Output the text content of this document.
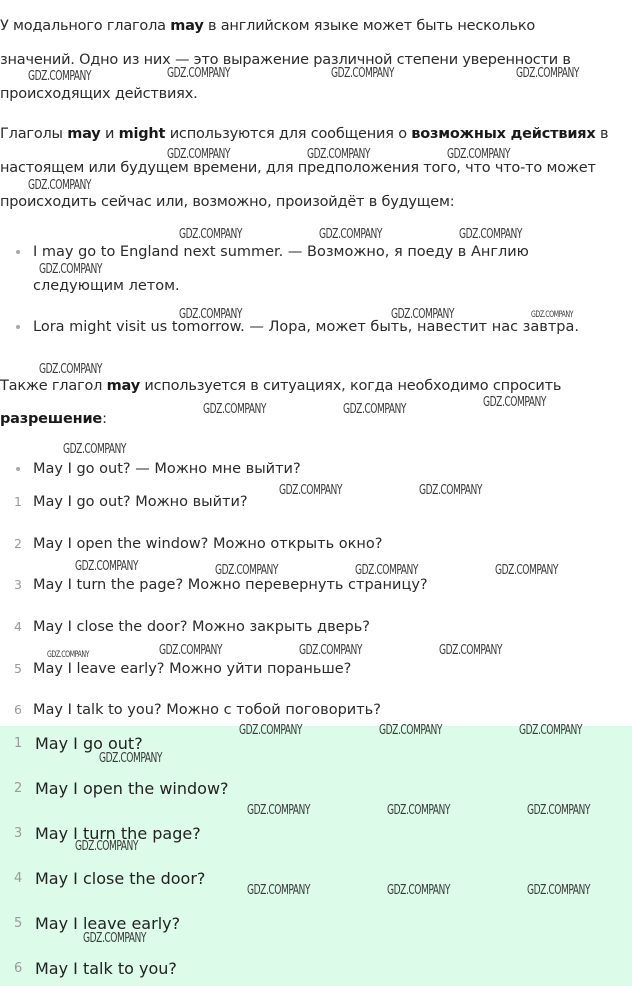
У модального глагола may в английском языке может быть несколько
значений. Одно из них — это выражение различной степени уверенности в
происходящих действиях.
Глаголы may и might используются для сообщения о возможных действиях в
настоящем или будущем времени, для предположения того, что что-то может
происходить сейчас или, возможно, произойдёт в будущем:
I may go to England next summer. — Возможно, я поеду в Англию
следующим летом.
Lora might visit us tomorrow. — Лора, может быть, навестит нас завтра.
Также глагол may используется в ситуациях, когда необходимо спросить
разрешение:
May I go out? — Можно мне выйти?
1 May I go out? Можно выйти?
2 May I open the window? Можно открыть окно?
3 May I turn the page? Можно перевернуть страницу?
4 May I close the door? Можно закрыть дверь?
5 May I leave early? Можно уйти пораньше?
6 May I talk to you? Можно с тобой поговорить?
1 May I go out?
2 May I open the window?
3 May I turn the page?
4 May I close the door?
5 May I leave early?
6 May I talk to you?
GDZ.COMPANY	GDZ.COMPANY	GDZ.COMPANY	GDZ.COMPANY
GDZ.COMPANY	GDZ.COMPANY	GDZ.COMPANY
GDZ.COMPANY
GDZ.COMPANY	GDZ.COMPANY	GDZ.COMPANY
GDZ.COMPANY
GDZ.COMPANY	GDZ.COMPANY	GDZ.COMPANY
GDZ.COMPANY
GDZ.COMPANY	GDZ.COMPANY	GDZ.COMPANY
GDZ.COMPANY
GDZ.COMPANY	GDZ.COMPANY
GDZ.COMPANY	GDZ.COMPANY	GDZ.COMPANY	GDZ.COMPANY
GDZ.COMPANY	GDZ.COMPANY	GDZ.COMPANY	GDZ.COMPANY
GDZ.COMPANY	GDZ.COMPANY	GDZ.COMPANY
GDZ.COMPANY
GDZ.COMPANY	GDZ.COMPANY	GDZ.COMPANY
GDZ.COMPANY
GDZ.COMPANY	GDZ.COMPANY	GDZ.COMPANY
GDZ.COMPANY
